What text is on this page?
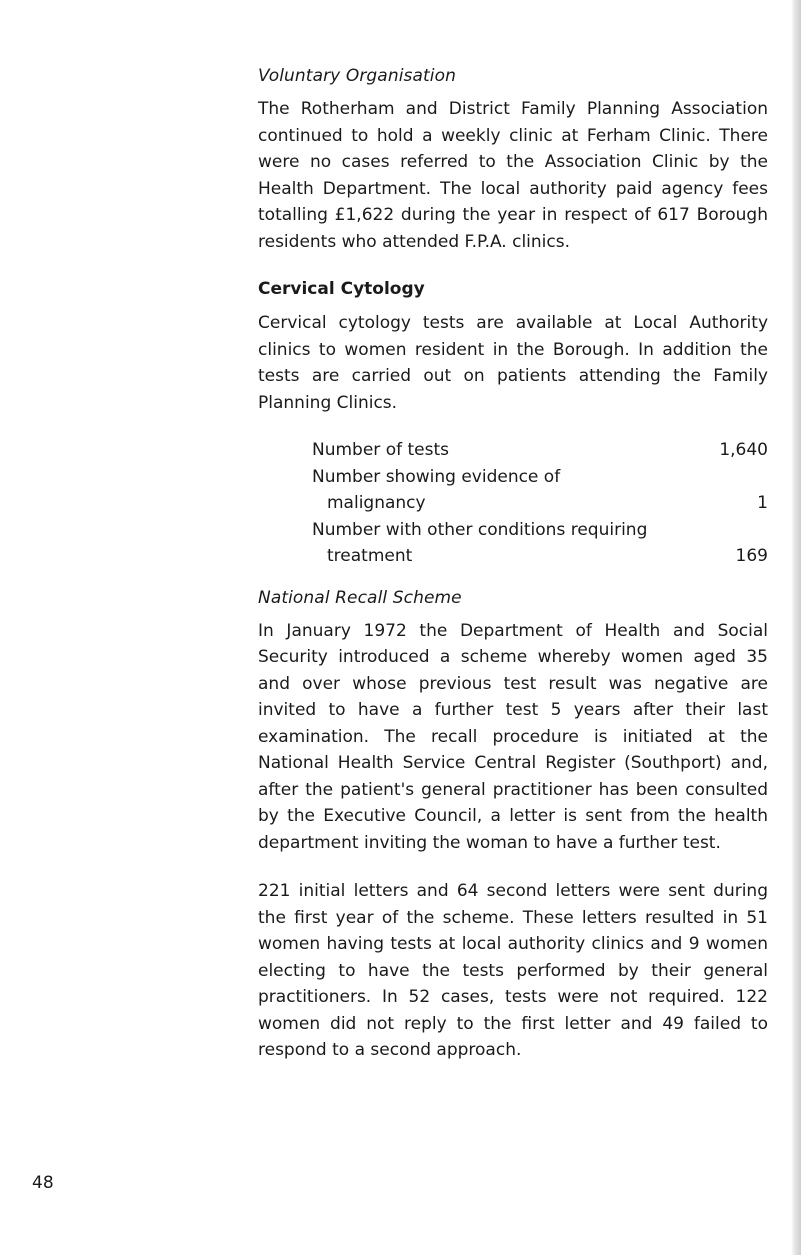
Voluntary Organisation

The Rotherham and District Family Planning Association continued to hold a weekly clinic at Ferham Clinic. There were no cases referred to the Association Clinic by the Health Department. The local authority paid agency fees totalling £1,622 during the year in respect of 617 Borough residents who attended F.P.A. clinics.

Cervical Cytology

Cervical cytology tests are available at Local Authority clinics to women resident in the Borough. In addition the tests are carried out on patients attending the Family Planning Clinics.

Number of tests	1,640
Number showing evidence of
malignancy	1
Number with other conditions requiring
treatment	169
National Recall Scheme

In January 1972 the Department of Health and Social Security introduced a scheme whereby women aged 35 and over whose previous test result was negative are invited to have a further test 5 years after their last examination. The recall procedure is initiated at the National Health Service Central Register (Southport) and, after the patient's general practitioner has been consulted by the Executive Council, a letter is sent from the health department inviting the woman to have a further test.

221 initial letters and 64 second letters were sent during the first year of the scheme. These letters resulted in 51 women having tests at local authority clinics and 9 women electing to have the tests performed by their general practitioners. In 52 cases, tests were not required. 122 women did not reply to the first letter and 49 failed to respond to a second approach.

48
